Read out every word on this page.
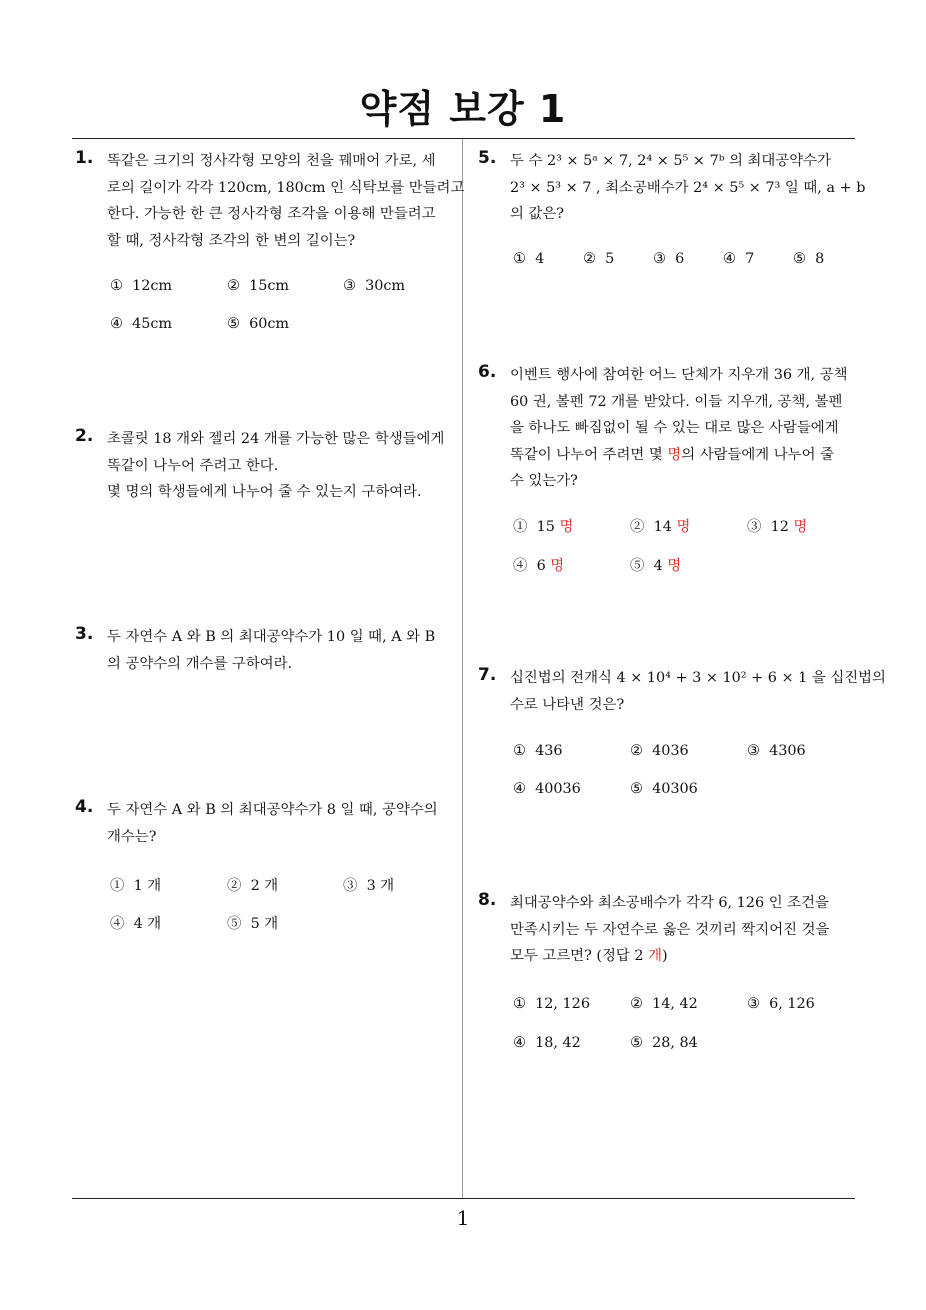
약점 보강 1
1
1. 똑같은 크기의 정사각형 모양의 천을 꿰매어 가로, 세
로의 길이가 각각 120cm, 180cm 인 식탁보를 만들려고
한다. 가능한 한 큰 정사각형 조각을 이용해 만들려고
할 때, 정사각형 조각의 한 변의 길이는?
① 12cm	② 15cm	③ 30cm
④ 45cm	⑤ 60cm
2. 초콜릿 18 개와 젤리 24 개를 가능한 많은 학생들에게
똑같이 나누어 주려고 한다.
몇 명의 학생들에게 나누어 줄 수 있는지 구하여라.
3. 두 자연수 A 와 B 의 최대공약수가 10 일 때, A 와 B
의 공약수의 개수를 구하여라.
4. 두 자연수 A 와 B 의 최대공약수가 8 일 때, 공약수의
개수는?
① 1 개	② 2 개	③ 3 개
④ 4 개	⑤ 5 개
5. 두 수 2³ × 5ᵃ × 7, 2⁴ × 5⁵ × 7ᵇ 의 최대공약수가
2³ × 5³ × 7 , 최소공배수가 2⁴ × 5⁵ × 7³ 일 때, a + b
의 값은?
① 4	② 5	③ 6	④ 7	⑤ 8
6. 이벤트 행사에 참여한 어느 단체가 지우개 36 개, 공책
60 권, 볼펜 72 개를 받았다. 이들 지우개, 공책, 볼펜
을 하나도 빠짐없이 될 수 있는 대로 많은 사람들에게
똑같이 나누어 주려면 몇 명의 사람들에게 나누어 줄
수 있는가?
① 15 명	② 14 명	③ 12 명
④ 6 명	⑤ 4 명
7. 십진법의 전개식 4 × 10⁴ + 3 × 10² + 6 × 1 을 십진법의
수로 나타낸 것은?
① 436	② 4036	③ 4306
④ 40036	⑤ 40306
8. 최대공약수와 최소공배수가 각각 6, 126 인 조건을
만족시키는 두 자연수로 옳은 것끼리 짝지어진 것을
모두 고르면? (정답 2 개)
① 12, 126	② 14, 42	③ 6, 126
④ 18, 42	⑤ 28, 84
